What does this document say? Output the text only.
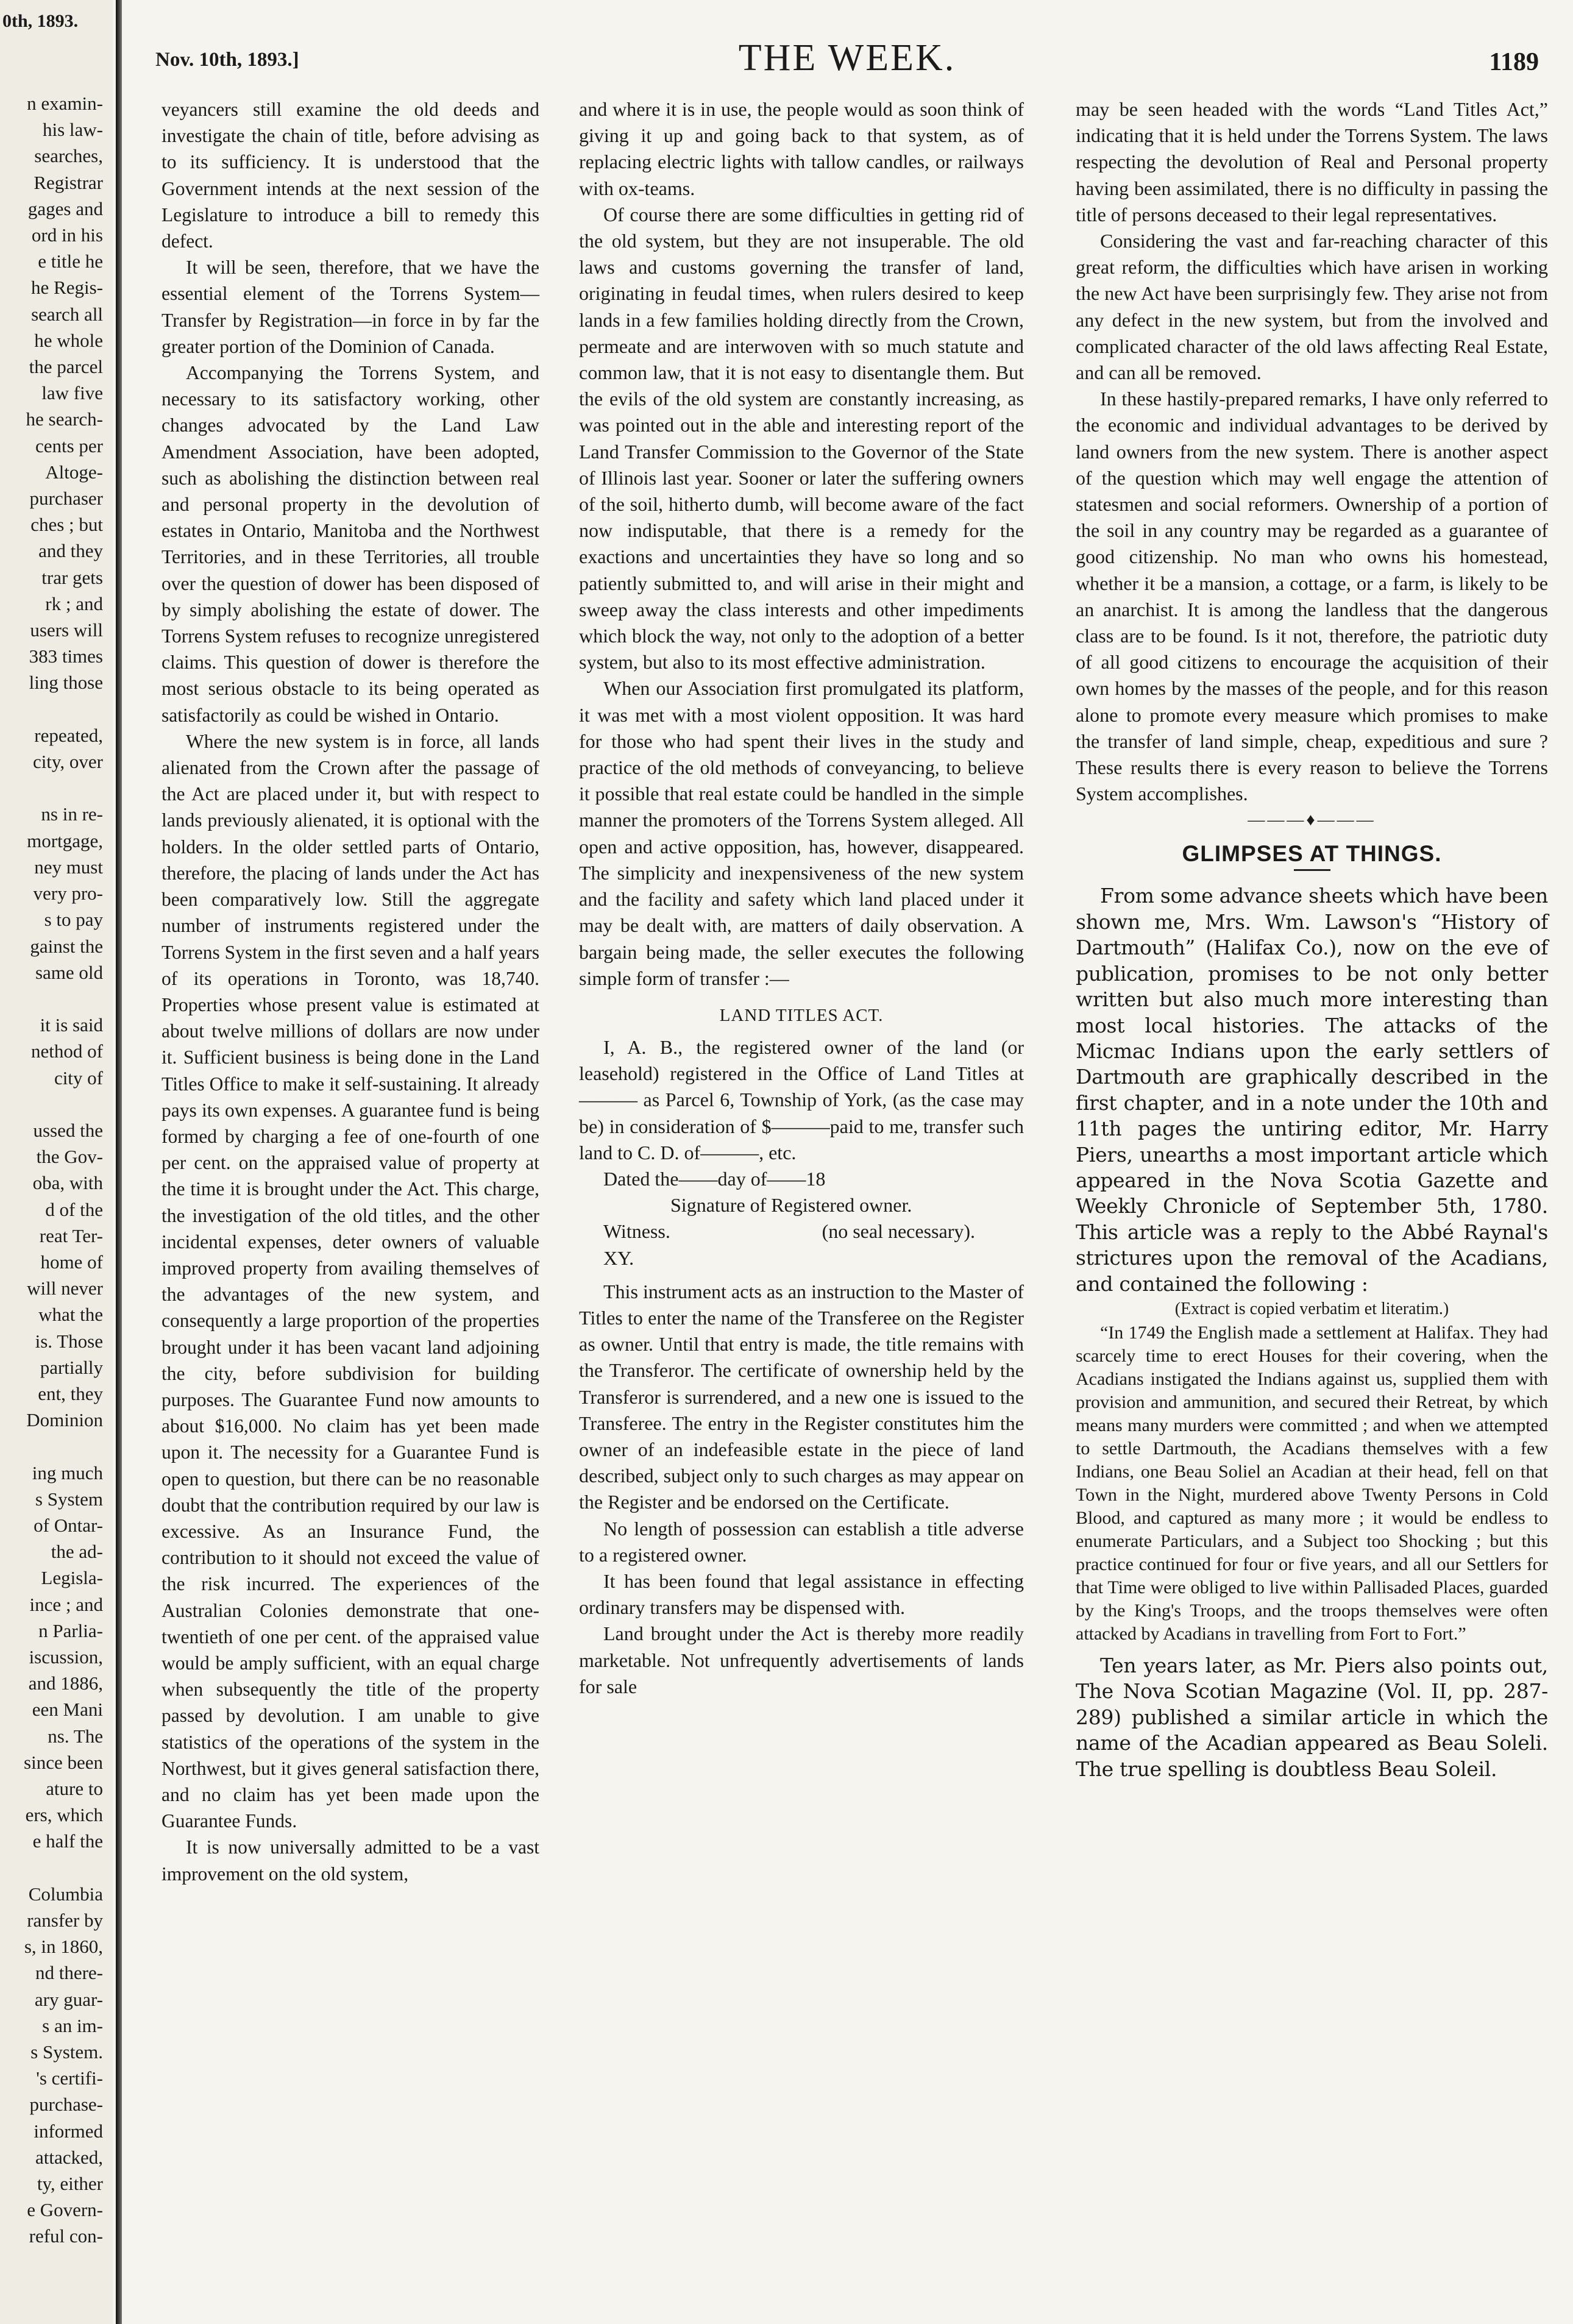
0th, 1893.
n examin-
his law-
searches,
Registrar
gages and
ord in his
e title he
he Regis-
search all
he whole
the parcel
law five
he search-
cents per
Altoge-
purchaser
ches ; but
and they
trar gets
rk ; and
users will
383 times
ling those

repeated,
city, over

ns in re-
mortgage,
ney must
very pro-
s to pay
gainst the
same old

it is said
nethod of
city of

ussed the
the Gov-
oba, with
d of the
reat Ter-
home of
will never
what the
is. Those
partially
ent, they
Dominion

ing much
s System
of Ontar-
the ad-
Legisla-
ince ; and
n Parlia-
iscussion,
and 1886,
een Mani
ns. The
since been
ature to
ers, which
e half the

Columbia
ransfer by
s, in 1860,
nd there-
ary guar-
s an im-
s System.
's certifi-
purchase-
informed
attacked,
ty, either
e Govern-
reful con-
Nov. 10th, 1893.]	THE WEEK.	1189

veyancers still examine the old deeds and investigate the chain of title, before advising as to its sufficiency. It is understood that the Government intends at the next session of the Legislature to introduce a bill to remedy this defect.

It will be seen, therefore, that we have the essential element of the Torrens System—Transfer by Registration—in force in by far the greater portion of the Dominion of Canada.

Accompanying the Torrens System, and necessary to its satisfactory working, other changes advocated by the Land Law Amendment Association, have been adopted, such as abolishing the distinction between real and personal property in the devolution of estates in Ontario, Manitoba and the Northwest Territories, and in these Territories, all trouble over the question of dower has been disposed of by simply abolishing the estate of dower. The Torrens System refuses to recognize unregistered claims. This question of dower is therefore the most serious obstacle to its being operated as satisfactorily as could be wished in Ontario.

Where the new system is in force, all lands alienated from the Crown after the passage of the Act are placed under it, but with respect to lands previously alienated, it is optional with the holders. In the older settled parts of Ontario, therefore, the placing of lands under the Act has been comparatively low. Still the aggregate number of instruments registered under the Torrens System in the first seven and a half years of its operations in Toronto, was 18,740. Properties whose present value is estimated at about twelve millions of dollars are now under it. Sufficient business is being done in the Land Titles Office to make it self-sustaining. It already pays its own expenses. A guarantee fund is being formed by charging a fee of one-fourth of one per cent. on the appraised value of property at the time it is brought under the Act. This charge, the investigation of the old titles, and the other incidental expenses, deter owners of valuable improved property from availing themselves of the advantages of the new system, and consequently a large proportion of the properties brought under it has been vacant land adjoining the city, before subdivision for building purposes. The Guarantee Fund now amounts to about $16,000. No claim has yet been made upon it. The necessity for a Guarantee Fund is open to question, but there can be no reasonable doubt that the contribution required by our law is excessive. As an Insurance Fund, the contribution to it should not exceed the value of the risk incurred. The experiences of the Australian Colonies demonstrate that one-twentieth of one per cent. of the appraised value would be amply sufficient, with an equal charge when subsequently the title of the property passed by devolution. I am unable to give statistics of the operations of the system in the Northwest, but it gives general satisfaction there, and no claim has yet been made upon the Guarantee Funds.

It is now universally admitted to be a vast improvement on the old system,

and where it is in use, the people would as soon think of giving it up and going back to that system, as of replacing electric lights with tallow candles, or railways with ox-teams.

Of course there are some difficulties in getting rid of the old system, but they are not insuperable. The old laws and customs governing the transfer of land, originating in feudal times, when rulers desired to keep lands in a few families holding directly from the Crown, permeate and are interwoven with so much statute and common law, that it is not easy to disentangle them. But the evils of the old system are constantly increasing, as was pointed out in the able and interesting report of the Land Transfer Commission to the Governor of the State of Illinois last year. Sooner or later the suffering owners of the soil, hitherto dumb, will become aware of the fact now indisputable, that there is a remedy for the exactions and uncertainties they have so long and so patiently submitted to, and will arise in their might and sweep away the class interests and other impediments which block the way, not only to the adoption of a better system, but also to its most effective administration.

When our Association first promulgated its platform, it was met with a most violent opposition. It was hard for those who had spent their lives in the study and practice of the old methods of conveyancing, to believe it possible that real estate could be handled in the simple manner the promoters of the Torrens System alleged. All open and active opposition, has, however, disappeared. The simplicity and inexpensiveness of the new system and the facility and safety which land placed under it may be dealt with, are matters of daily observation. A bargain being made, the seller executes the following simple form of transfer :—

LAND TITLES ACT.

I, A. B., the registered owner of the land (or leasehold) registered in the Office of Land Titles at ——— as Parcel 6, Township of York, (as the case may be) in consideration of $———paid to me, transfer such land to C. D. of———, etc.

Dated the——day of——18
Signature of Registered owner.
Witness.	(no seal necessary).
XY.

This instrument acts as an instruction to the Master of Titles to enter the name of the Transferee on the Register as owner. Until that entry is made, the title remains with the Transferor. The certificate of ownership held by the Transferor is surrendered, and a new one is issued to the Transferee. The entry in the Register constitutes him the owner of an indefeasible estate in the piece of land described, subject only to such charges as may appear on the Register and be endorsed on the Certificate.

No length of possession can establish a title adverse to a registered owner.

It has been found that legal assistance in effecting ordinary transfers may be dispensed with.

Land brought under the Act is thereby more readily marketable. Not unfrequently advertisements of lands for sale

may be seen headed with the words “Land Titles Act,” indicating that it is held under the Torrens System. The laws respecting the devolution of Real and Personal property having been assimilated, there is no difficulty in passing the title of persons deceased to their legal representatives.

Considering the vast and far-reaching character of this great reform, the difficulties which have arisen in working the new Act have been surprisingly few. They arise not from any defect in the new system, but from the involved and complicated character of the old laws affecting Real Estate, and can all be removed.

In these hastily-prepared remarks, I have only referred to the economic and individual advantages to be derived by land owners from the new system. There is another aspect of the question which may well engage the attention of statesmen and social reformers. Ownership of a portion of the soil in any country may be regarded as a guarantee of good citizenship. No man who owns his homestead, whether it be a mansion, a cottage, or a farm, is likely to be an anarchist. It is among the landless that the dangerous class are to be found. Is it not, therefore, the patriotic duty of all good citizens to encourage the acquisition of their own homes by the masses of the people, and for this reason alone to promote every measure which promises to make the transfer of land simple, cheap, expeditious and sure ? These results there is every reason to believe the Torrens System accomplishes.

———♦———
GLIMPSES AT THINGS.

From some advance sheets which have been shown me, Mrs. Wm. Lawson's “History of Dartmouth” (Halifax Co.), now on the eve of publication, promises to be not only better written but also much more interesting than most local histories. The attacks of the Micmac Indians upon the early settlers of Dartmouth are graphically described in the first chapter, and in a note under the 10th and 11th pages the untiring editor, Mr. Harry Piers, unearths a most important article which appeared in the Nova Scotia Gazette and Weekly Chronicle of September 5th, 1780. This article was a reply to the Abbé Raynal's strictures upon the removal of the Acadians, and contained the following :

(Extract is copied verbatim et literatim.)

“In 1749 the English made a settlement at Halifax. They had scarcely time to erect Houses for their covering, when the Acadians instigated the Indians against us, supplied them with provision and ammunition, and secured their Retreat, by which means many murders were committed ; and when we attempted to settle Dartmouth, the Acadians themselves with a few Indians, one Beau Soliel an Acadian at their head, fell on that Town in the Night, murdered above Twenty Persons in Cold Blood, and captured as many more ; it would be endless to enumerate Particulars, and a Subject too Shocking ; but this practice continued for four or five years, and all our Settlers for that Time were obliged to live within Pallisaded Places, guarded by the King's Troops, and the troops themselves were often attacked by Acadians in travelling from Fort to Fort.”

Ten years later, as Mr. Piers also points out, The Nova Scotian Magazine (Vol. II, pp. 287-289) published a similar article in which the name of the Acadian appeared as Beau Soleli. The true spelling is doubtless Beau Soleil.
